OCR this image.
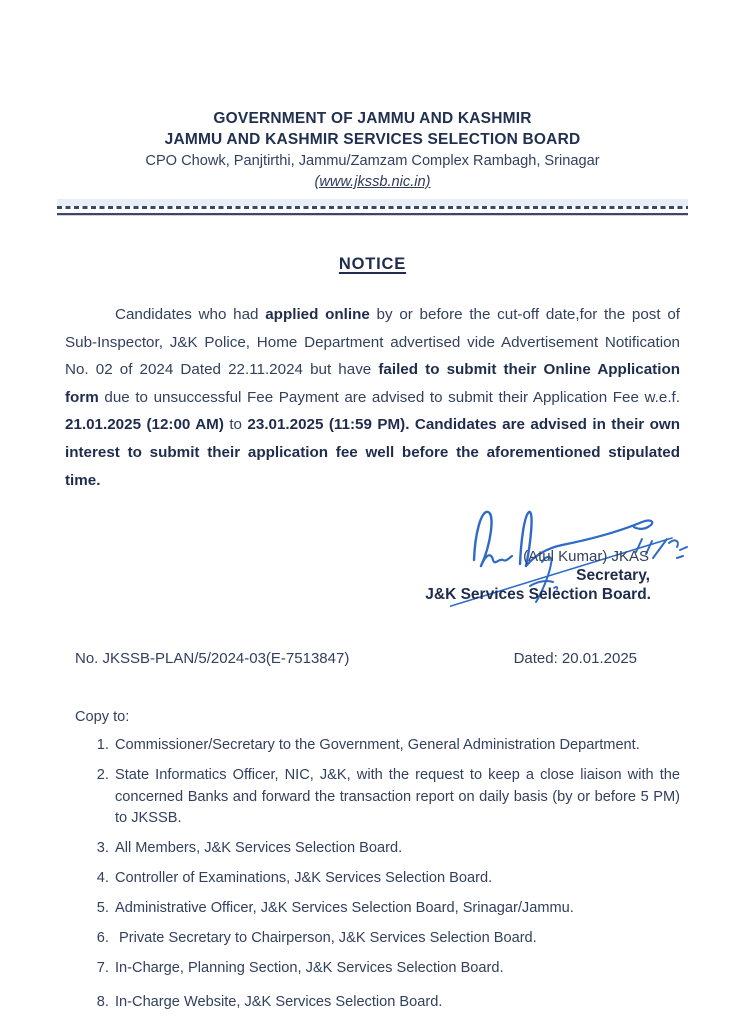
GOVERNMENT OF JAMMU AND KASHMIR
JAMMU AND KASHMIR SERVICES SELECTION BOARD
CPO Chowk, Panjtirthi, Jammu/Zamzam Complex Rambagh, Srinagar
(www.jkssb.nic.in)
NOTICE

Candidates who had applied online by or before the cut-off date,for the post of Sub-Inspector, J&K Police, Home Department advertised vide Advertisement Notification No. 02 of 2024 Dated 22.11.2024 but have failed to submit their Online Application form due to unsuccessful Fee Payment are advised to submit their Application Fee w.e.f. 21.01.2025 (12:00 AM) to 23.01.2025 (11:59 PM). Candidates are advised in their own interest to submit their application fee well before the aforementioned stipulated time.

(Atul Kumar) JKAS
Secretary,
J&K Services Selection Board.
No. JKSSB-PLAN/5/2024-03(E-7513847)	Dated: 20.01.2025
Copy to:
1. Commissioner/Secretary to the Government, General Administration Department.
2. State Informatics Officer, NIC, J&K, with the request to keep a close liaison with the concerned Banks and forward the transaction report on daily basis (by or before 5 PM) to JKSSB.
3. All Members, J&K Services Selection Board.
4. Controller of Examinations, J&K Services Selection Board.
5. Administrative Officer, J&K Services Selection Board, Srinagar/Jammu.
6. Private Secretary to Chairperson, J&K Services Selection Board.
7. In-Charge, Planning Section, J&K Services Selection Board.
8. In-Charge Website, J&K Services Selection Board.
